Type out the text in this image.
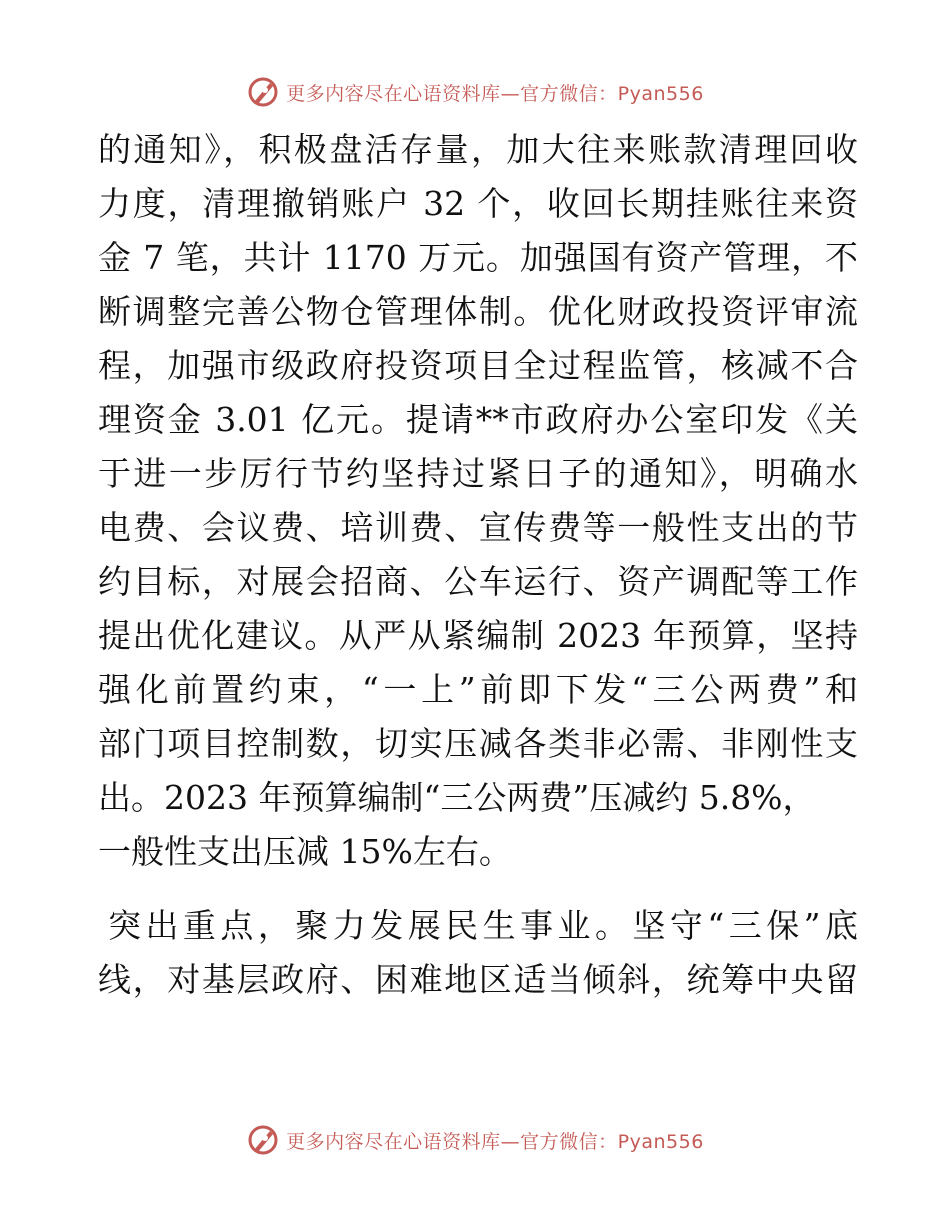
更多内容尽在心语资料库—官方微信：Pyan556
的通知》，积极盘活存量，加大往来账款清理回收
力度，清理撤销账户 32 个，收回长期挂账往来资
金 7 笔，共计 1170 万元。加强国有资产管理，不
断调整完善公物仓管理体制。优化财政投资评审流
程，加强市级政府投资项目全过程监管，核减不合
理资金 3.01 亿元。提请**市政府办公室印发《关
于进一步厉行节约坚持过紧日子的通知》，明确水
电费、会议费、培训费、宣传费等一般性支出的节
约目标，对展会招商、公车运行、资产调配等工作
提出优化建议。从严从紧编制 2023 年预算，坚持
强化前置约束，“一上”前即下发“三公两费”和
部门项目控制数，切实压减各类非必需、非刚性支
出。2023 年预算编制“三公两费”压减约 5.8%，
一般性支出压减 15%左右。
突出重点，聚力发展民生事业。坚守“三保”底
线，对基层政府、困难地区适当倾斜，统筹中央留
更多内容尽在心语资料库—官方微信：Pyan556
